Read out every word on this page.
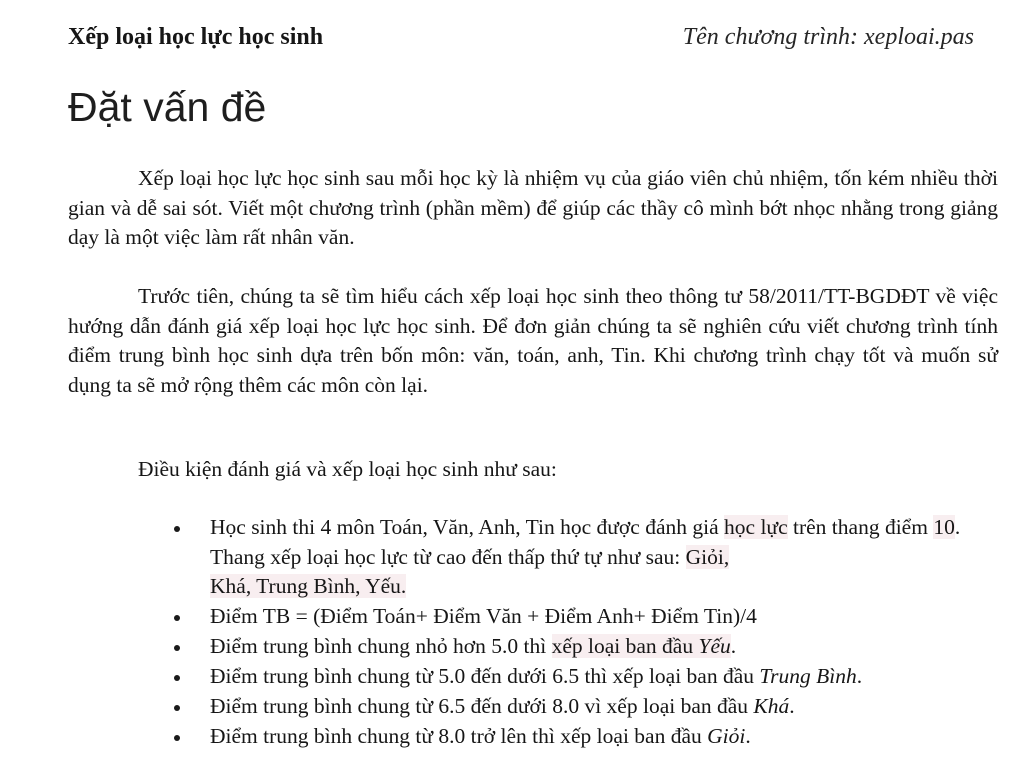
Xếp loại học lực học sinh	Tên chương trình: xeploai.pas
Đặt vấn đề

Xếp loại học lực học sinh sau mỗi học kỳ là nhiệm vụ của giáo viên chủ nhiệm, tốn kém nhiều thời gian và dễ sai sót. Viết một chương trình (phần mềm) để giúp các thầy cô mình bớt nhọc nhằng trong giảng dạy là một việc làm rất nhân văn.

Trước tiên, chúng ta sẽ tìm hiểu cách xếp loại học sinh theo thông tư 58/2011/TT-BGDĐT về việc hướng dẫn đánh giá xếp loại học lực học sinh. Để đơn giản chúng ta sẽ nghiên cứu viết chương trình tính điểm trung bình học sinh dựa trên bốn môn: văn, toán, anh, Tin. Khi chương trình chạy tốt và muốn sử dụng ta sẽ mở rộng thêm các môn còn lại.

Điều kiện đánh giá và xếp loại học sinh như sau:

Học sinh thi 4 môn Toán, Văn, Anh, Tin học được đánh giá học lực trên thang điểm 10. Thang xếp loại học lực từ cao đến thấp thứ tự như sau: Giỏi,
Khá, Trung Bình, Yếu.
Điểm TB = (Điểm Toán+ Điểm Văn + Điểm Anh+ Điểm Tin)/4
Điểm trung bình chung nhỏ hơn 5.0 thì xếp loại ban đầu Yếu.
Điểm trung bình chung từ 5.0 đến dưới 6.5 thì xếp loại ban đầu Trung Bình.
Điểm trung bình chung từ 6.5 đến dưới 8.0 vì xếp loại ban đầu Khá.
Điểm trung bình chung từ 8.0 trở lên thì xếp loại ban đầu Giỏi.
